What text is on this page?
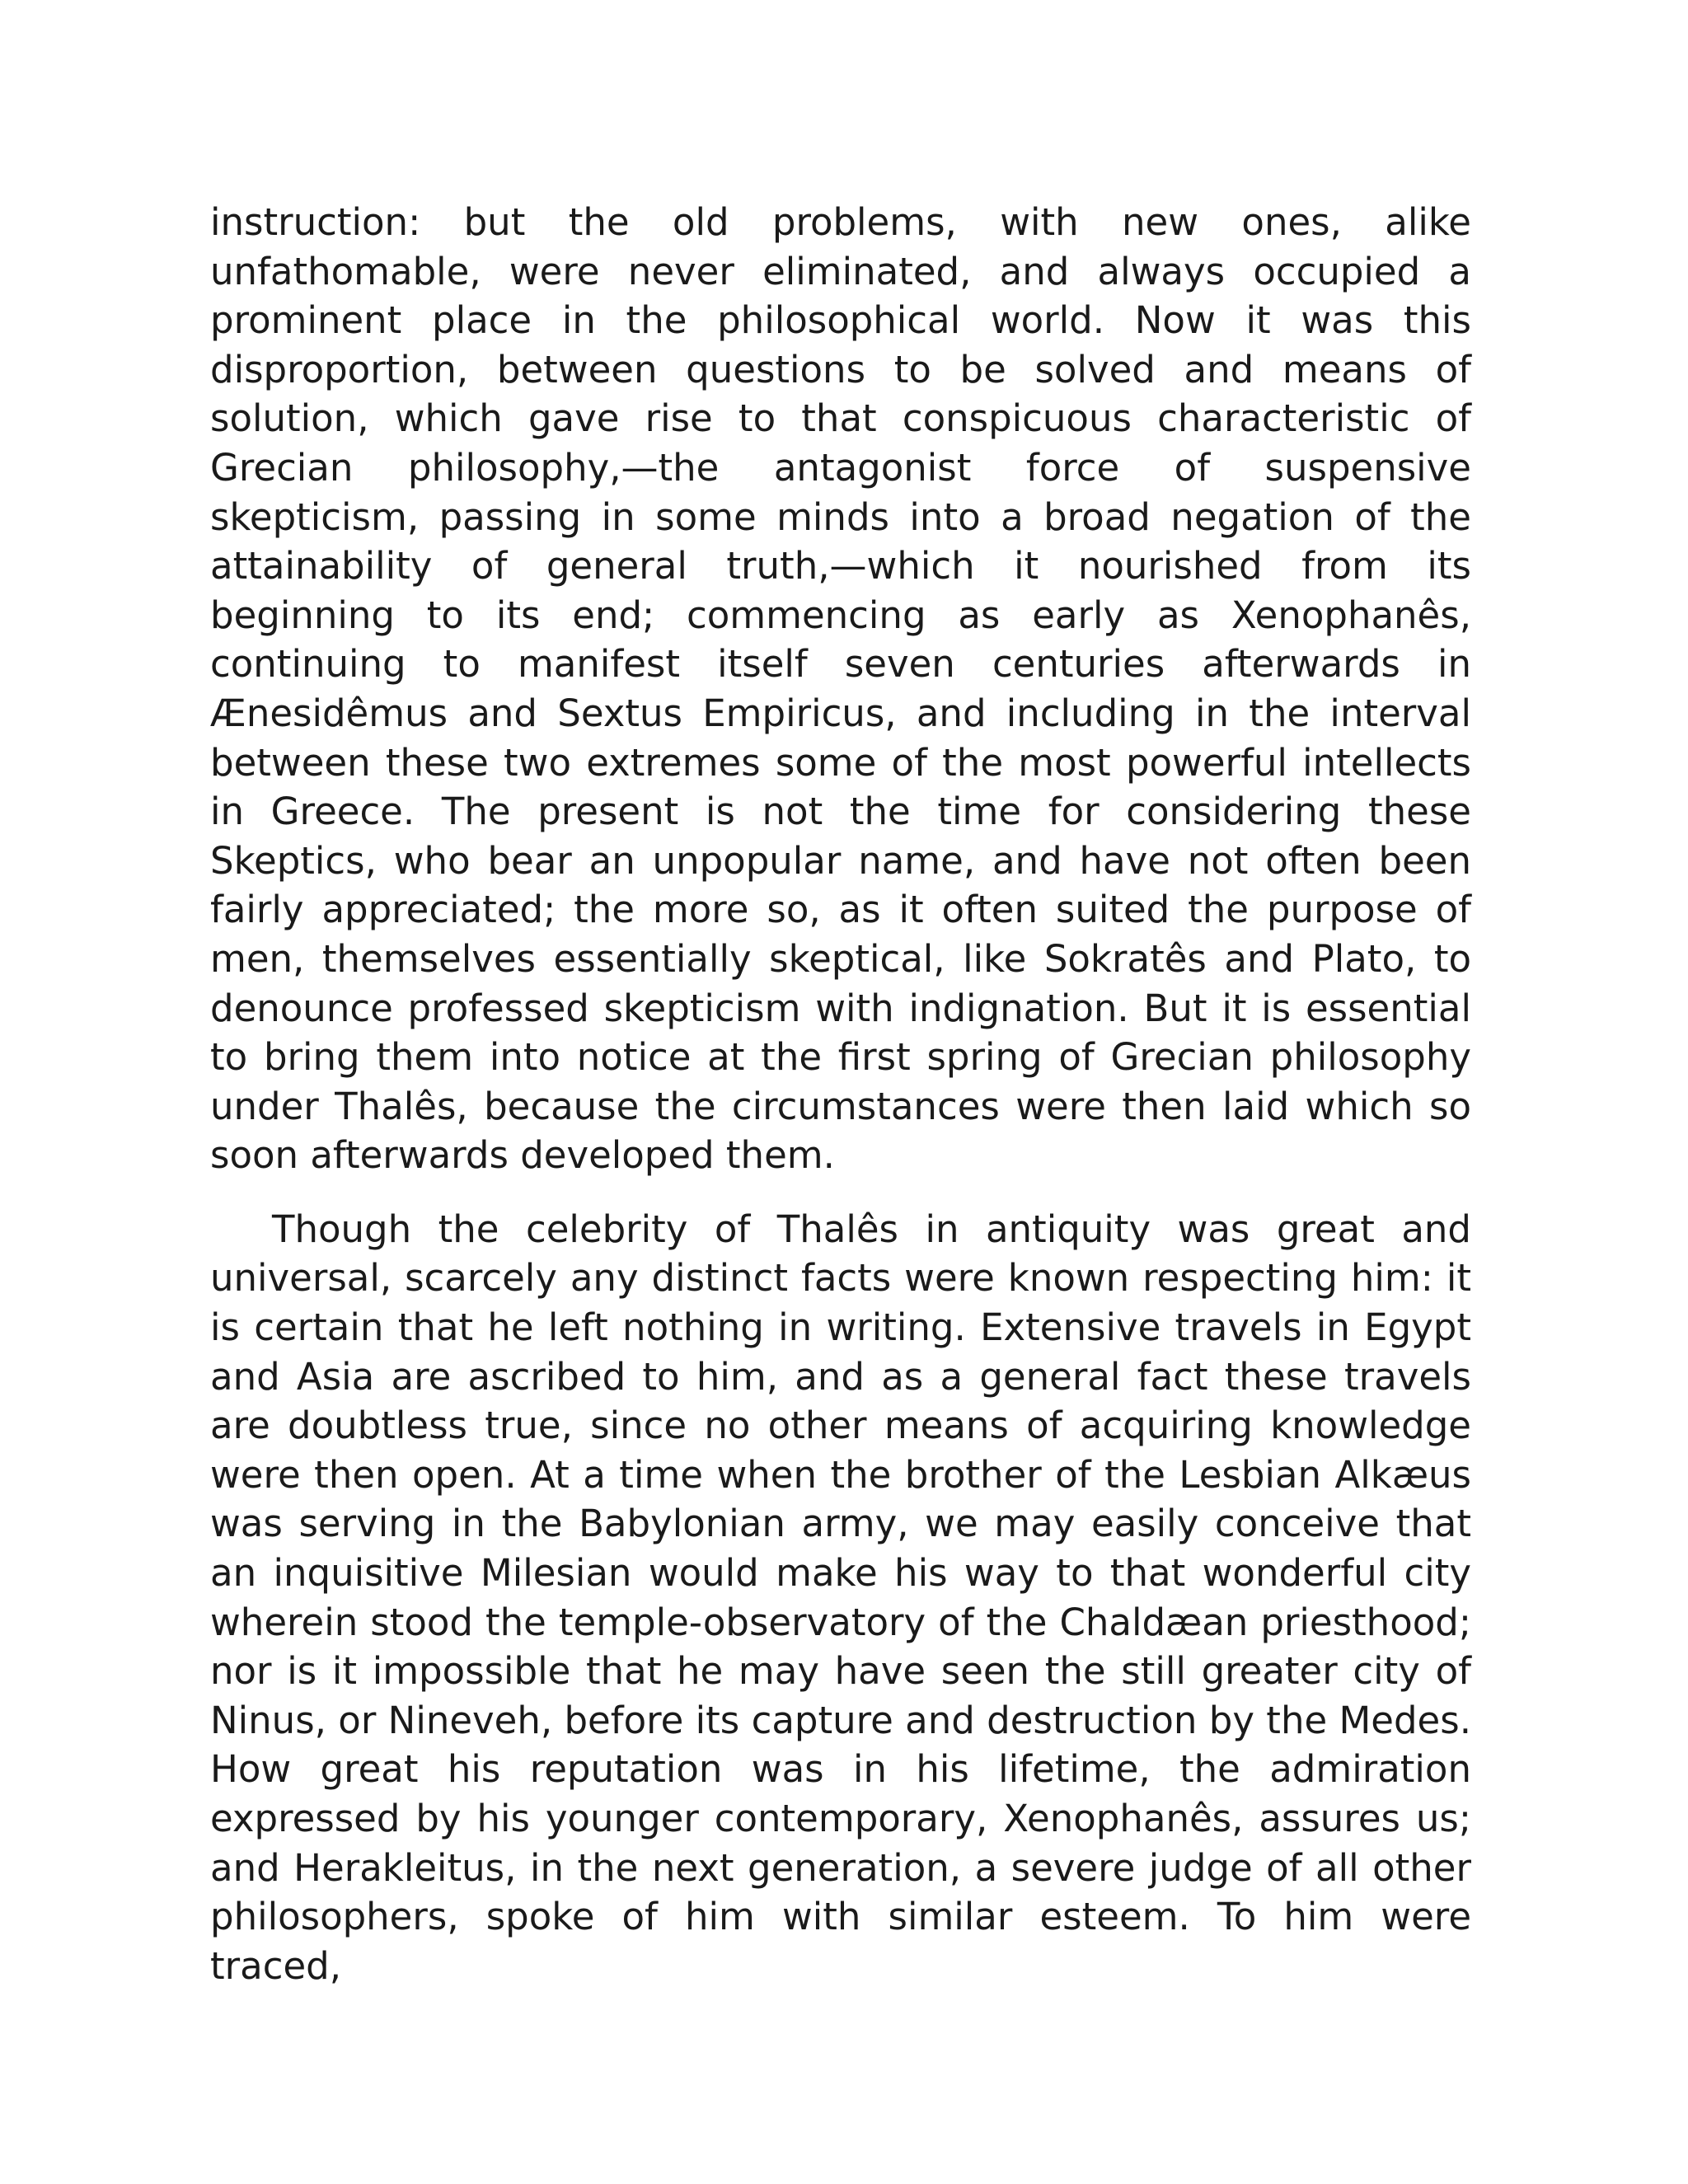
instruction: but the old problems, with new ones, alike unfathomable, were never eliminated, and always occupied a prominent place in the philosophical world. Now it was this disproportion, between questions to be solved and means of solution, which gave rise to that conspicuous characteristic of Grecian philosophy,—the antagonist force of suspensive skepticism, passing in some minds into a broad negation of the attainability of general truth,—which it nourished from its beginning to its end; commencing as early as Xenophanês, continuing to manifest itself seven centuries afterwards in Ænesidêmus and Sextus Empiricus, and including in the interval between these two extremes some of the most powerful intellects in Greece. The present is not the time for considering these Skeptics, who bear an unpopular name, and have not often been fairly appreciated; the more so, as it often suited the purpose of men, themselves essentially skeptical, like Sokratês and Plato, to denounce professed skepticism with indignation. But it is essential to bring them into notice at the first spring of Grecian philosophy under Thalês, because the circumstances were then laid which so soon afterwards developed them.

Though the celebrity of Thalês in antiquity was great and universal, scarcely any distinct facts were known respecting him: it is certain that he left nothing in writing. Extensive travels in Egypt and Asia are ascribed to him, and as a general fact these travels are doubtless true, since no other means of acquiring knowledge were then open. At a time when the brother of the Lesbian Alkæus was serving in the Babylonian army, we may easily conceive that an inquisitive Milesian would make his way to that wonderful city wherein stood the temple-observatory of the Chaldæan priesthood; nor is it impossible that he may have seen the still greater city of Ninus, or Nineveh, before its capture and destruction by the Medes. How great his reputation was in his lifetime, the admiration expressed by his younger contemporary, Xenophanês, assures us; and Herakleitus, in the next generation, a severe judge of all other philosophers, spoke of him with similar esteem. To him were traced,
